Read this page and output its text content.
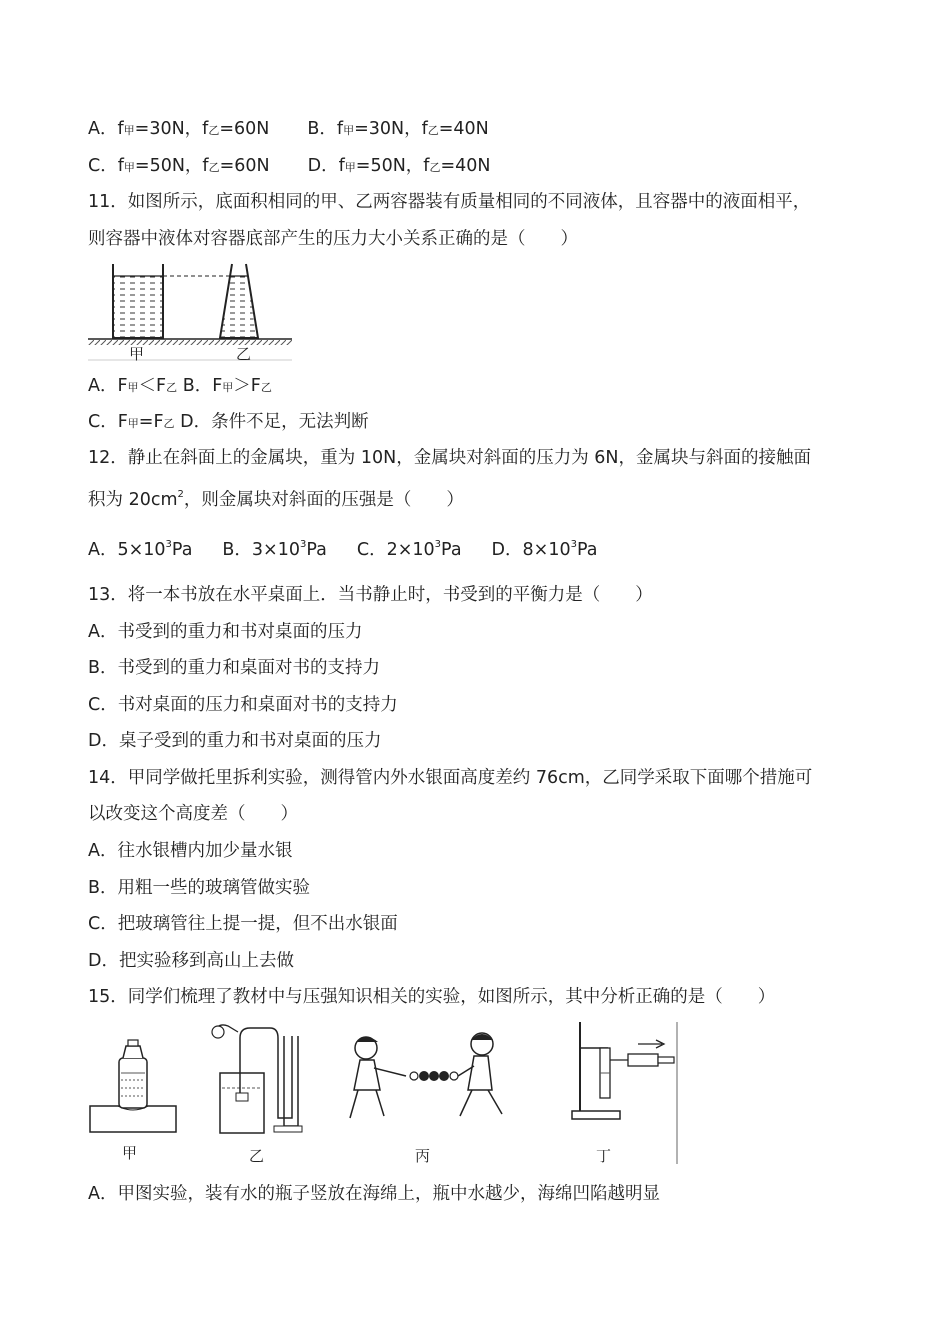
A．f甲=30N，f乙=60N B．f甲=30N，f乙=40N
C．f甲=50N，f乙=60N D．f甲=50N，f乙=40N
11．如图所示，底面积相同的甲、乙两容器装有质量相同的不同液体，且容器中的液面相平，
则容器中液体对容器底部产生的压力大小关系正确的是（　　）
甲	乙
A．F甲＜F乙 B．F甲＞F乙
C．F甲=F乙 D．条件不足，无法判断
12．静止在斜面上的金属块，重为 10N，金属块对斜面的压力为 6N，金属块与斜面的接触面
积为 $20cm^2$，则金属块对斜面的压强是（　　）
A．$5\times 10^3Pa$ B．$3\times 10^3Pa$ C．$2\times 10^3Pa$ D．$8\times 10^3Pa$
13．将一本书放在水平桌面上．当书静止时，书受到的平衡力是（　　）
A．书受到的重力和书对桌面的压力
B．书受到的重力和桌面对书的支持力
C．书对桌面的压力和桌面对书的支持力
D．桌子受到的重力和书对桌面的压力
14．甲同学做托里拆利实验，测得管内外水银面高度差约 76cm，乙同学采取下面哪个措施可
以改变这个高度差（　　）
A．往水银槽内加少量水银
B．用粗一些的玻璃管做实验
C．把玻璃管往上提一提，但不出水银面
D．把实验移到高山上去做
15．同学们梳理了教材中与压强知识相关的实验，如图所示，其中分析正确的是（　　）
甲	乙	丙	丁
A．甲图实验，装有水的瓶子竖放在海绵上，瓶中水越少，海绵凹陷越明显
